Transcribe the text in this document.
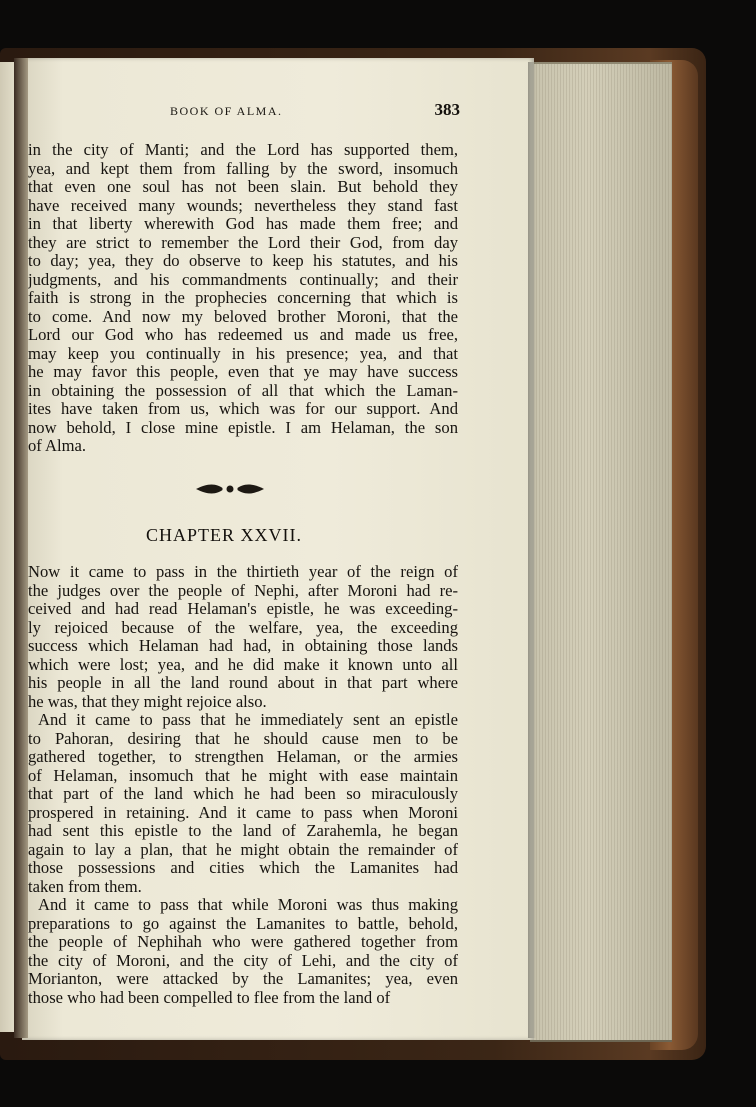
BOOK OF ALMA.	383
in the city of Manti; and the Lord has supported them,
yea, and kept them from falling by the sword, insomuch
that even one soul has not been slain. But behold they
have received many wounds; nevertheless they stand fast
in that liberty wherewith God has made them free; and
they are strict to remember the Lord their God, from day
to day; yea, they do observe to keep his statutes, and his
judgments, and his commandments continually; and their
faith is strong in the prophecies concerning that which is
to come. And now my beloved brother Moroni, that the
Lord our God who has redeemed us and made us free,
may keep you continually in his presence; yea, and that
he may favor this people, even that ye may have success
in obtaining the possession of all that which the Laman-
ites have taken from us, which was for our support. And
now behold, I close mine epistle. I am Helaman, the son
of Alma.
CHAPTER XXVII.
Now it came to pass in the thirtieth year of the reign of
the judges over the people of Nephi, after Moroni had re-
ceived and had read Helaman's epistle, he was exceeding-
ly rejoiced because of the welfare, yea, the exceeding
success which Helaman had had, in obtaining those lands
which were lost; yea, and he did make it known unto all
his people in all the land round about in that part where
he was, that they might rejoice also.
And it came to pass that he immediately sent an epistle
to Pahoran, desiring that he should cause men to be
gathered together, to strengthen Helaman, or the armies
of Helaman, insomuch that he might with ease maintain
that part of the land which he had been so miraculously
prospered in retaining. And it came to pass when Moroni
had sent this epistle to the land of Zarahemla, he began
again to lay a plan, that he might obtain the remainder of
those possessions and cities which the Lamanites had
taken from them.
And it came to pass that while Moroni was thus making
preparations to go against the Lamanites to battle, behold,
the people of Nephihah who were gathered together from
the city of Moroni, and the city of Lehi, and the city of
Morianton, were attacked by the Lamanites; yea, even
those who had been compelled to flee from the land of
